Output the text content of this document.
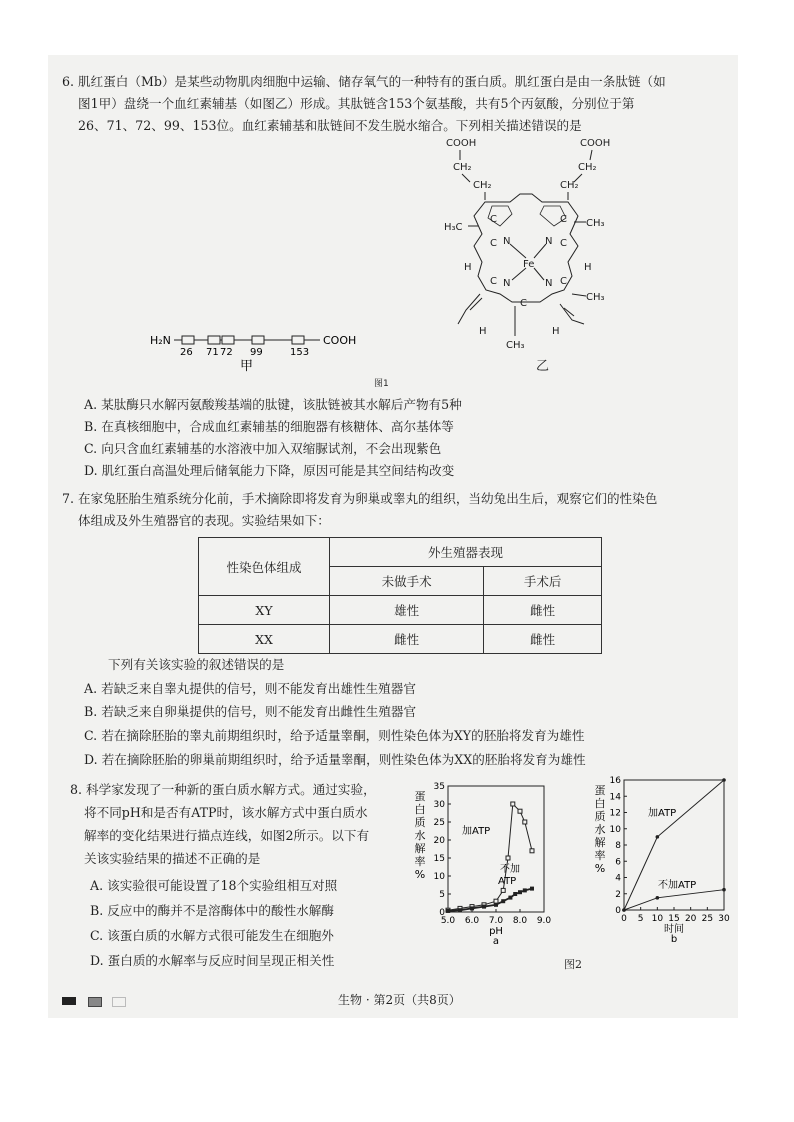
6. 肌红蛋白（Mb）是某些动物肌肉细胞中运输、储存氧气的一种特有的蛋白质。肌红蛋白是由一条肽链（如
图1甲）盘绕一个血红素辅基（如图乙）形成。其肽链含153个氨基酸，共有5个丙氨酸，分别位于第
26、71、72、99、153位。血红素辅基和肽链间不发生脱水缩合。下列相关描述错误的是
H₂N	COOH
26 71 72 99	153
甲
COOH
CH₂
CH₂
COOH
CH₂
CH₂
N	N
N	N
Fe
C
C	C
C
C	C
C
H	H
H	H
H₃C	CH₃
CH₃
CH₃
乙
图1
A. 某肽酶只水解丙氨酸羧基端的肽键，该肽链被其水解后产物有5种
B. 在真核细胞中，合成血红素辅基的细胞器有核糖体、高尔基体等
C. 向只含血红素辅基的水溶液中加入双缩脲试剂，不会出现紫色
D. 肌红蛋白高温处理后储氧能力下降，原因可能是其空间结构改变
7. 在家兔胚胎生殖系统分化前，手术摘除即将发育为卵巢或睾丸的组织，当幼兔出生后，观察它们的性染色
体组成及外生殖器官的表现。实验结果如下：
性染色体组成	外生殖器表现	
	未做手术	手术后
XY	雄性	雌性
XX	雌性	雌性
下列有关该实验的叙述错误的是
A. 若缺乏来自睾丸提供的信号，则不能发育出雄性生殖器官
B. 若缺乏来自卵巢提供的信号，则不能发育出雌性生殖器官
C. 若在摘除胚胎的睾丸前期组织时，给予适量睾酮，则性染色体为XY的胚胎将发育为雄性
D. 若在摘除胚胎的卵巢前期组织时，给予适量睾酮，则性染色体为XX的胚胎将发育为雄性
8. 科学家发现了一种新的蛋白质水解方式。通过实验，
将不同pH和是否有ATP时，该水解方式中蛋白质水
解率的变化结果进行描点连线，如图2所示。以下有
关该实验结果的描述不正确的是
A. 该实验很可能设置了18个实验组相互对照
B. 反应中的酶并不是溶酶体中的酸性水解酶
C. 该蛋白质的水解方式很可能发生在细胞外
D. 蛋白质的水解率与反应时间呈现正相关性
5.0 6.0 7.0 8.0 9.0
0
5
10
15
20
25
30
35
pH
蛋白质水解率%
a
加ATP
不加 ATP
0 5 10 15 20 25 30
0
2
4
6
8
10
12
14
16
时间
蛋白质水解率%
b
加ATP
不加ATP
图2
生物 · 第2页（共8页）
